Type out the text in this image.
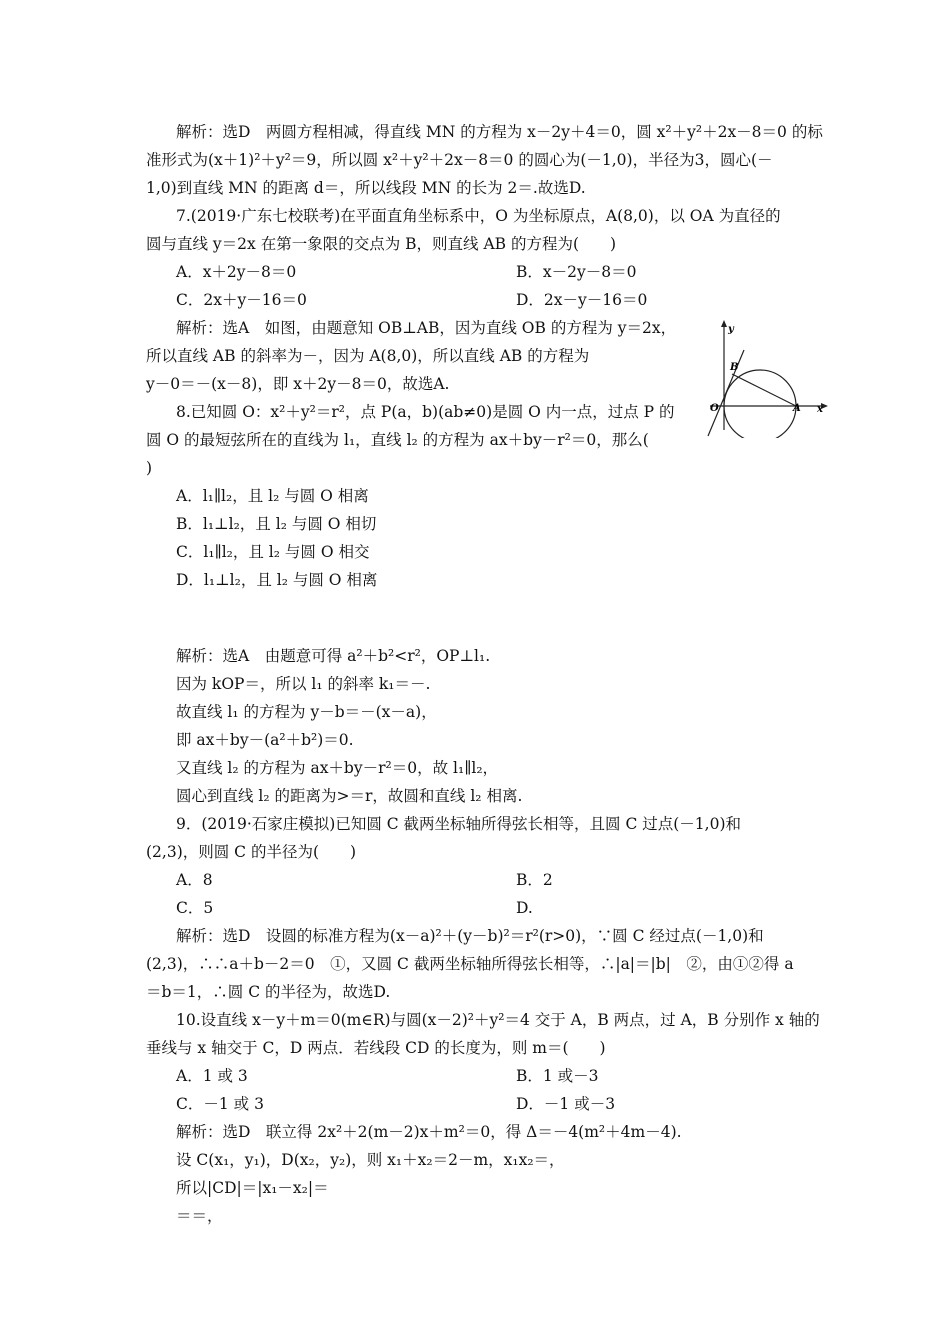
解析：选D　两圆方程相减，得直线 MN 的方程为 x－2y＋4＝0，圆 x²＋y²＋2x－8＝0 的标
准形式为(x＋1)²＋y²＝9，所以圆 x²＋y²＋2x－8＝0 的圆心为(－1,0)，半径为3，圆心(－
1,0)到直线 MN 的距离 d＝，所以线段 MN 的长为 2＝.故选D.
7.(2019·广东七校联考)在平面直角坐标系中，O 为坐标原点，A(8,0)，以 OA 为直径的
圆与直线 y＝2x 在第一象限的交点为 B，则直线 AB 的方程为(　　)
A．x＋2y－8＝0	B．x－2y－8＝0
C．2x＋y－16＝0	D．2x－y－16＝0
解析：选A　如图，由题意知 OB⊥AB，因为直线 OB 的方程为 y＝2x，
所以直线 AB 的斜率为－，因为 A(8,0)，所以直线 AB 的方程为
y－0＝－(x－8)，即 x＋2y－8＝0，故选A.
y
B
O	A x
8.已知圆 O：x²＋y²＝r²，点 P(a，b)(ab≠0)是圆 O 内一点，过点 P 的
圆 O 的最短弦所在的直线为 l₁，直线 l₂ 的方程为 ax＋by－r²＝0，那么(
)
A．l₁∥l₂，且 l₂ 与圆 O 相离
B．l₁⊥l₂，且 l₂ 与圆 O 相切
C．l₁∥l₂，且 l₂ 与圆 O 相交
D．l₁⊥l₂，且 l₂ 与圆 O 相离
解析：选A　由题意可得 a²＋b²<r²，OP⊥l₁.
因为 kOP＝，所以 l₁ 的斜率 k₁＝－.
故直线 l₁ 的方程为 y－b＝－(x－a)，
即 ax＋by－(a²＋b²)＝0.
又直线 l₂ 的方程为 ax＋by－r²＝0，故 l₁∥l₂，
圆心到直线 l₂ 的距离为>＝r，故圆和直线 l₂ 相离.
9．(2019·石家庄模拟)已知圆 C 截两坐标轴所得弦长相等，且圆 C 过点(－1,0)和
(2,3)，则圆 C 的半径为(　　)
A．8	B．2
C．5	D.
解析：选D　设圆的标准方程为(x－a)²＋(y－b)²＝r²(r>0)，∵圆 C 经过点(－1,0)和
(2,3)，∴∴a＋b－2＝0　①，又圆 C 截两坐标轴所得弦长相等，∴|a|＝|b|　②，由①②得 a
＝b＝1，∴圆 C 的半径为，故选D.
10.设直线 x－y＋m＝0(m∈R)与圆(x－2)²＋y²＝4 交于 A，B 两点，过 A，B 分别作 x 轴的
垂线与 x 轴交于 C，D 两点．若线段 CD 的长度为，则 m＝(　　)
A．1 或 3	B．1 或－3
C．－1 或 3	D．－1 或－3
解析：选D　联立得 2x²＋2(m－2)x＋m²＝0，得 Δ＝－4(m²＋4m－4).
设 C(x₁，y₁)，D(x₂，y₂)，则 x₁＋x₂＝2－m，x₁x₂＝，
所以|CD|＝|x₁－x₂|＝
＝＝，
